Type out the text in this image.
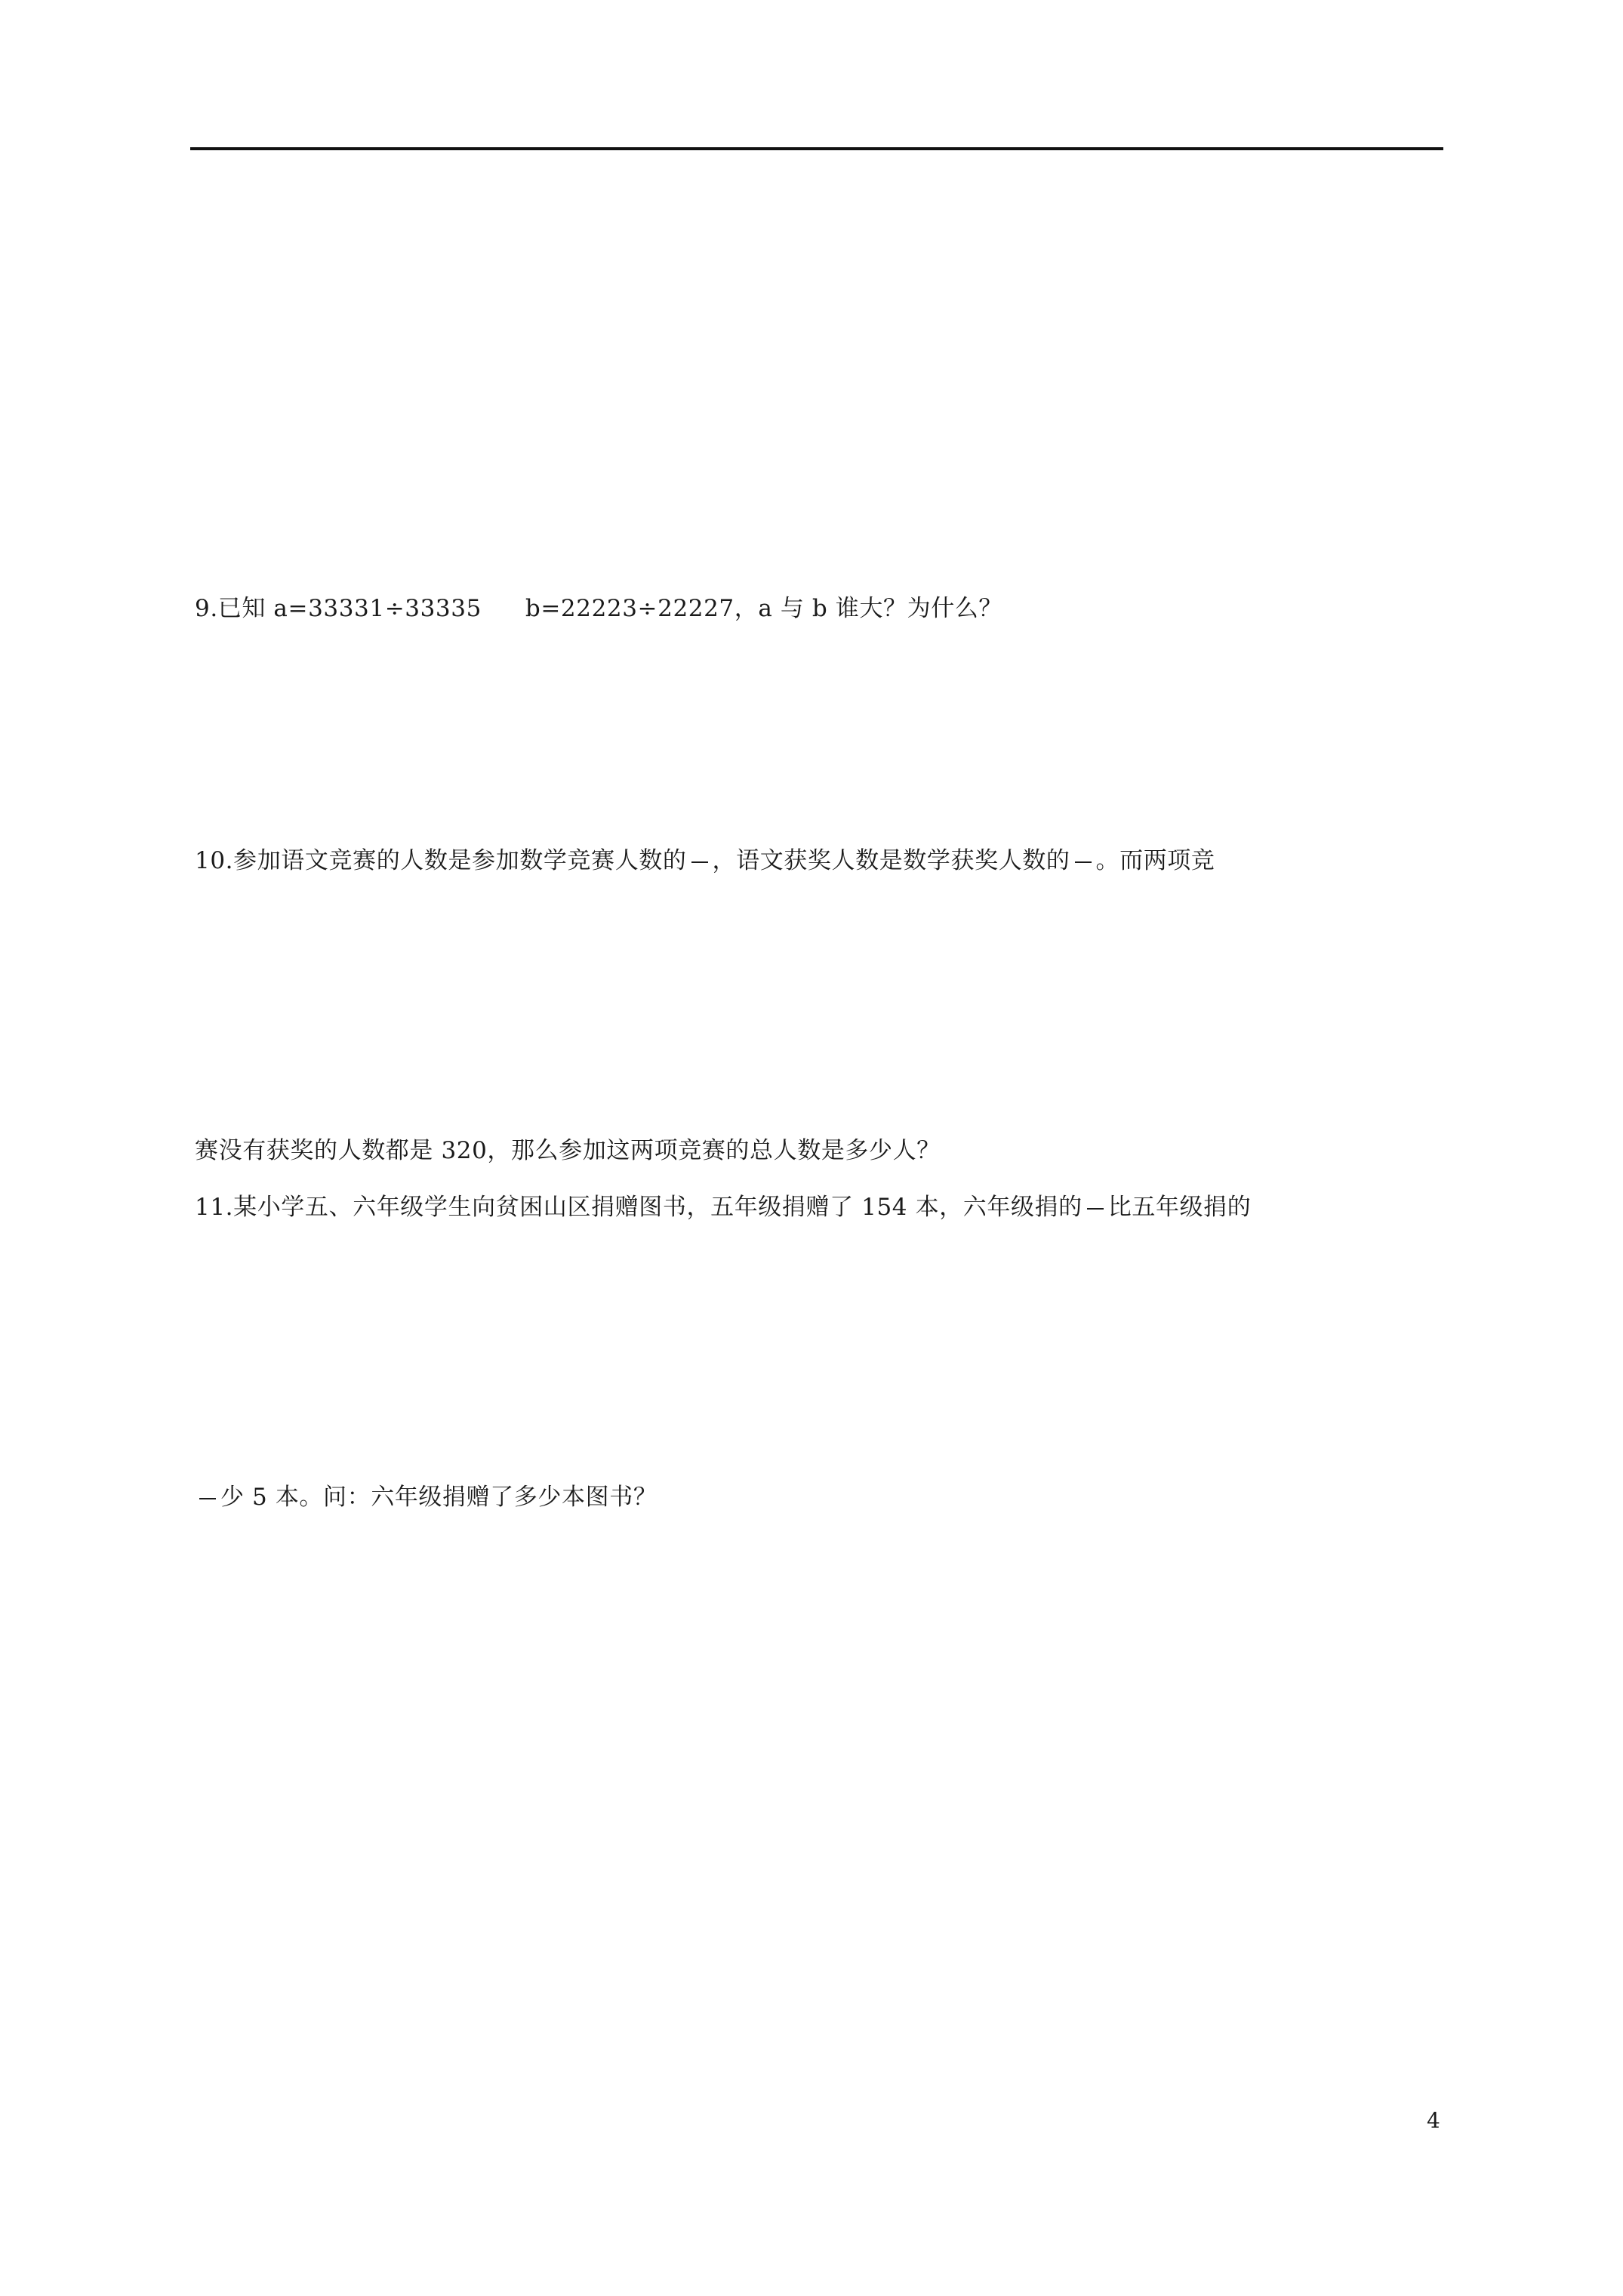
9.已知 a=33331÷33335 b=22223÷22227，a 与 b 谁大？为什么？

10.参加语文竞赛的人数是参加数学竞赛人数的 ，语文获奖人数是数学获奖人数的 。而两项竞

赛没有获奖的人数都是 320，那么参加这两项竞赛的总人数是多少人？

11.某小学五、六年级学生向贫困山区捐赠图书，五年级捐赠了 154 本，六年级捐的 比五年级捐的

少 5 本。问：六年级捐赠了多少本图书？

4
